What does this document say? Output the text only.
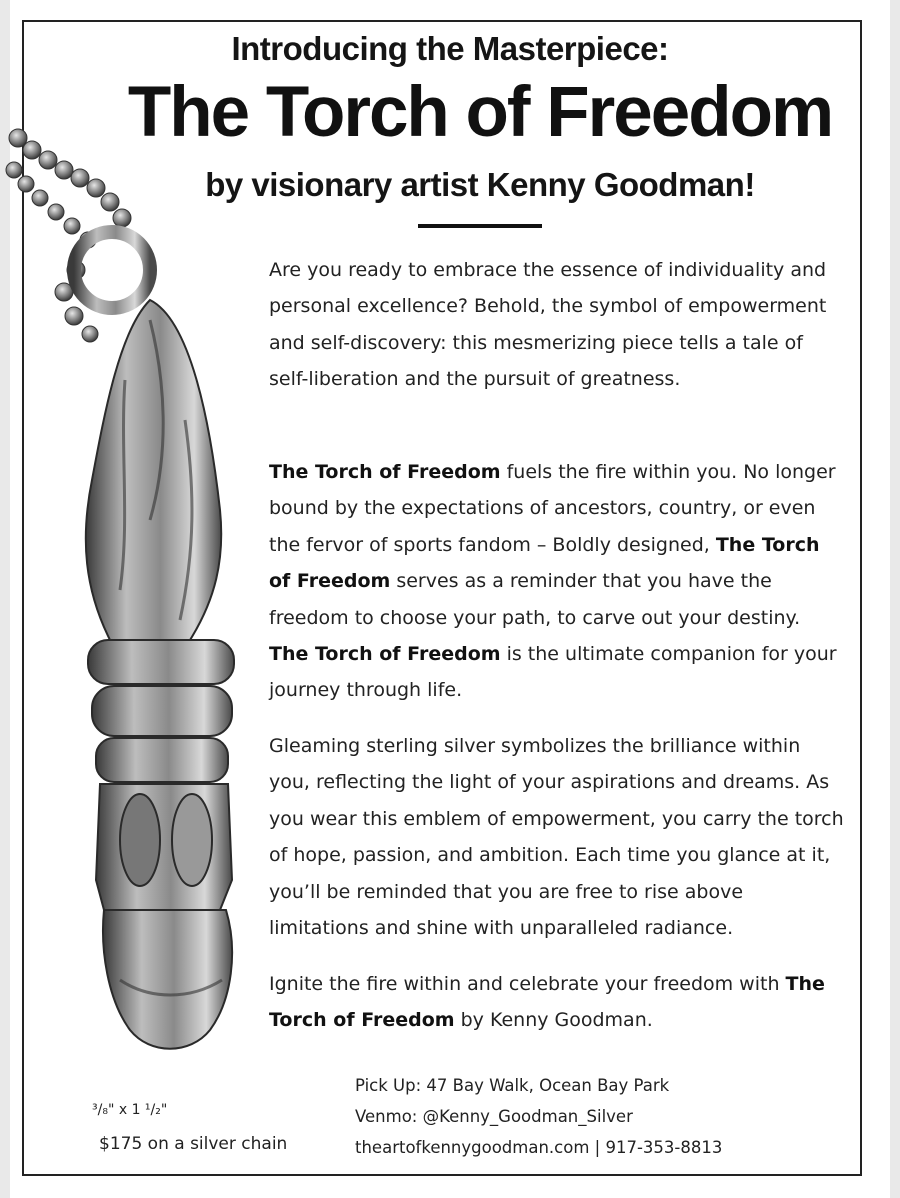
Introducing the Masterpiece:
The Torch of Freedom
by visionary artist Kenny Goodman!

Are you ready to embrace the essence of individuality and personal excellence? Behold, the symbol of empowerment and self-discovery: this mesmerizing piece tells a tale of self-liberation and the pursuit of greatness.

The Torch of Freedom fuels the fire within you. No longer bound by the expectations of ancestors, country, or even the fervor of sports fandom – Boldly designed, The Torch of Freedom serves as a reminder that you have the freedom to choose your path, to carve out your destiny. The Torch of Freedom is the ultimate companion for your journey through life.

Gleaming sterling silver symbolizes the brilliance within you, reflecting the light of your aspirations and dreams. As you wear this emblem of empowerment, you carry the torch of hope, passion, and ambition. Each time you glance at it, you’ll be reminded that you are free to rise above limitations and shine with unparalleled radiance.

Ignite the fire within and celebrate your freedom with The Torch of Freedom by Kenny Goodman.

³/₈" x 1 ¹/₂"
$175 on a silver chain
Pick Up: 47 Bay Walk, Ocean Bay Park
Venmo: @Kenny_Goodman_Silver
theartofkennygoodman.com | 917-353-8813
